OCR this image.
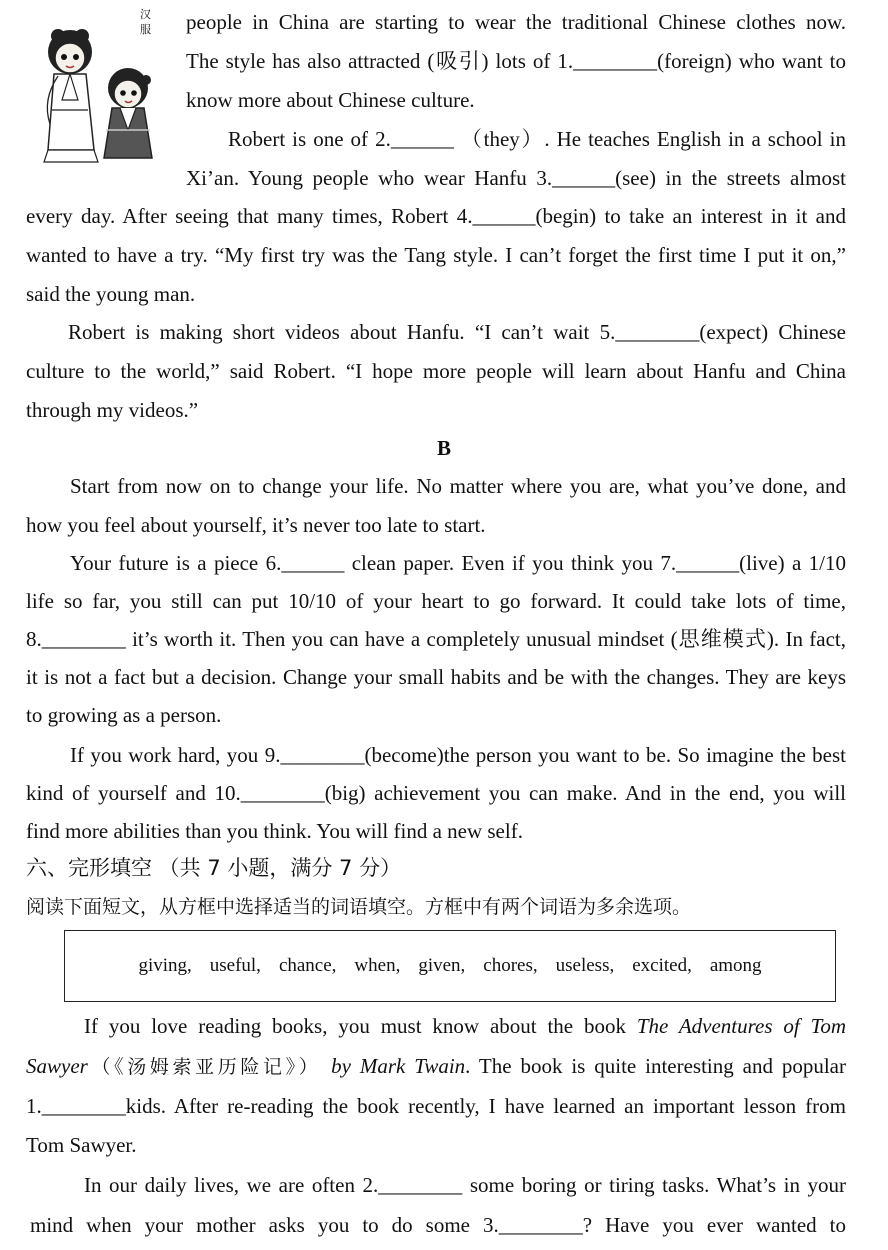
汉
服 people in China are starting to wear the traditional Chinese clothes now.
The style has also attracted (吸引) lots of 1.________(foreign) who want to
know more about Chinese culture.
Robert is one of 2.______ （they）. He teaches English in a school in
Xi’an. Young people who wear Hanfu 3.______(see) in the streets almost
every day. After seeing that many times, Robert 4.______(begin) to take an interest in it and
wanted to have a try. “My first try was the Tang style. I can’t forget the first time I put it on,”
said the young man.
Robert is making short videos about Hanfu. “I can’t wait 5.________(expect) Chinese
culture to the world,” said Robert. “I hope more people will learn about Hanfu and China
through my videos.”
B
Start from now on to change your life. No matter where you are, what you’ve done, and
how you feel about yourself, it’s never too late to start.
Your future is a piece 6.______ clean paper. Even if you think you 7.______(live) a 1/10
life so far, you still can put 10/10 of your heart to go forward. It could take lots of time,
8.________ it’s worth it. Then you can have a completely unusual mindset (思维模式). In fact,
it is not a fact but a decision. Change your small habits and be with the changes. They are keys
to growing as a person.
If you work hard, you 9.________(become)the person you want to be. So imagine the best
kind of yourself and 10.________(big) achievement you can make. And in the end, you will
find more abilities than you think. You will find a new self.
六、完形填空 （共 7 小题，满分 7 分）
阅读下面短文，从方框中选择适当的词语填空。方框中有两个词语为多余选项。
giving, useful, chance, when, given, chores, useless, excited, among
If you love reading books, you must know about the book The Adventures of Tom
Sawyer（《汤姆索亚历险记》） by Mark Twain. The book is quite interesting and popular
1.________kids. After re-reading the book recently, I have learned an important lesson from
Tom Sawyer.
In our daily lives, we are often 2.________ some boring or tiring tasks. What’s in your
mind when your mother asks you to do some 3.________? Have you ever wanted to
